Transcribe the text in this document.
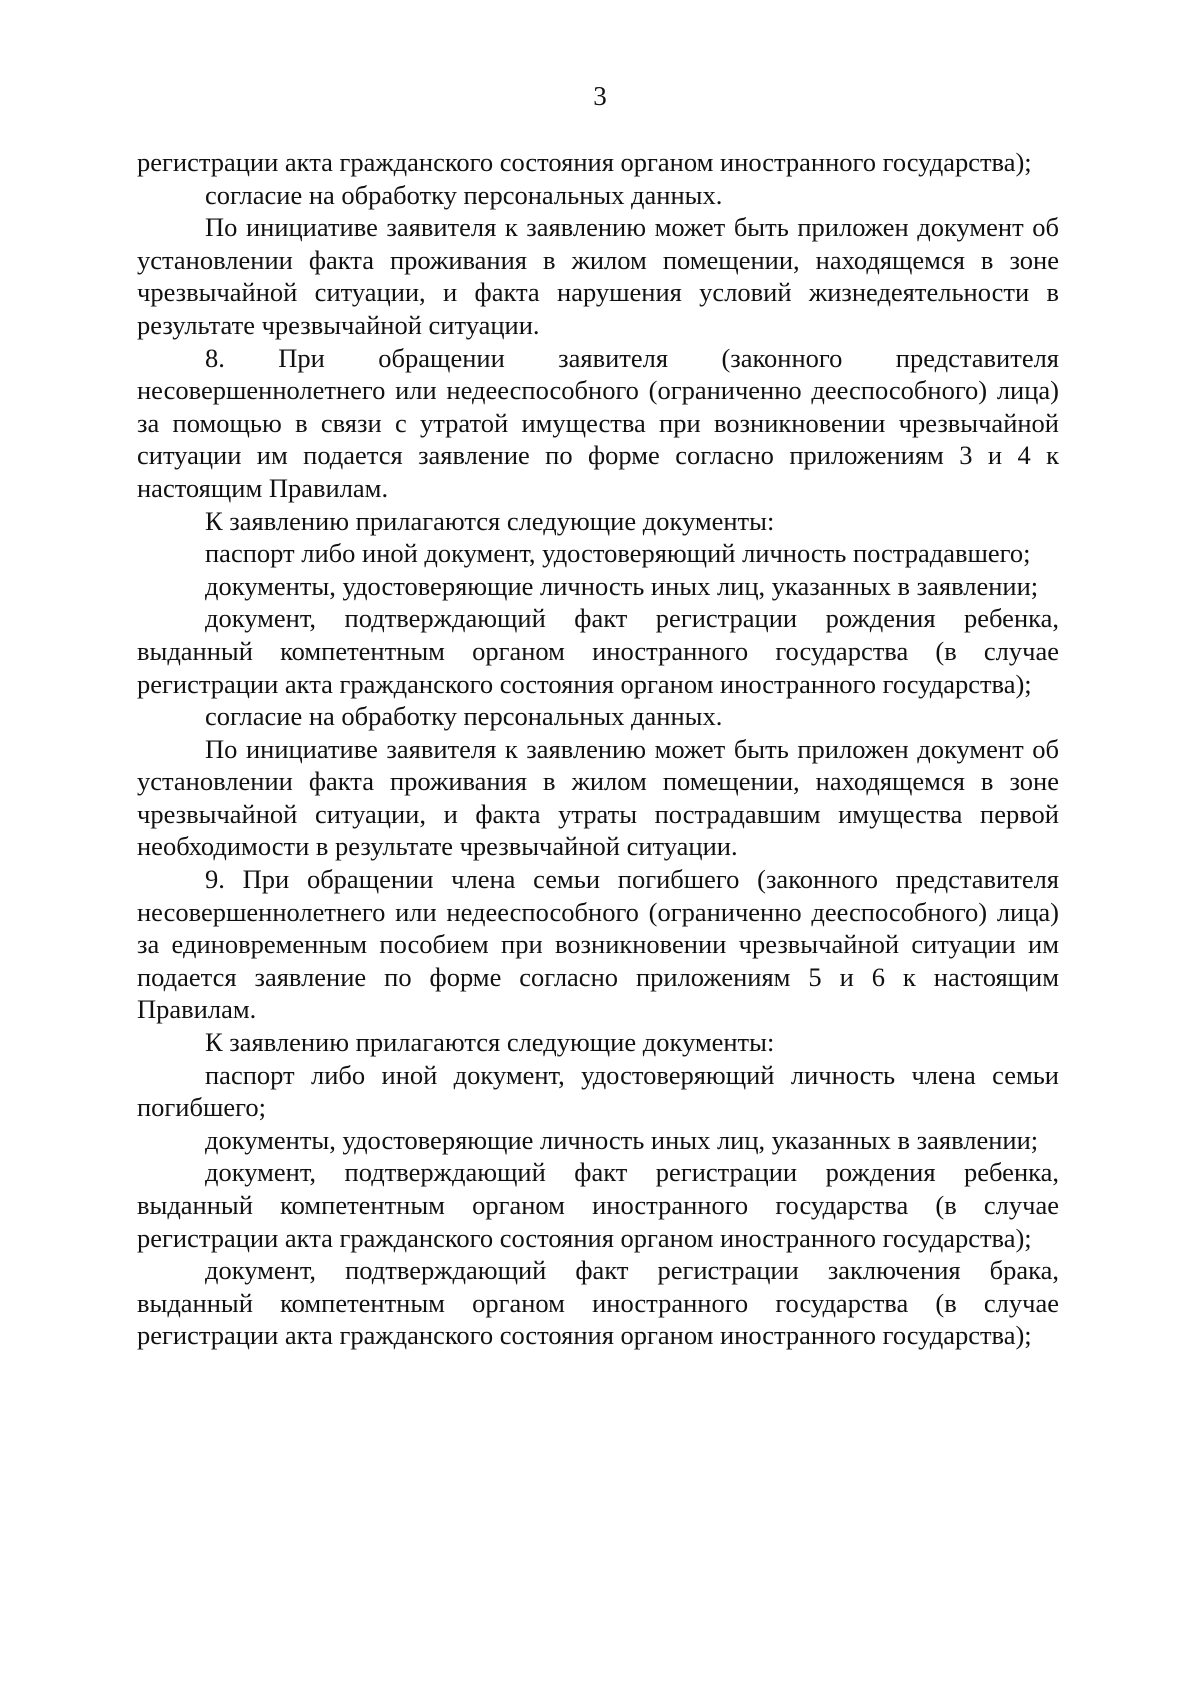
3

регистрации акта гражданского состояния органом иностранного государства);

согласие на обработку персональных данных.

По инициативе заявителя к заявлению может быть приложен документ об установлении факта проживания в жилом помещении, находящемся в зоне чрезвычайной ситуации, и факта нарушения условий жизнедеятельности в результате чрезвычайной ситуации.

8. При обращении заявителя (законного представителя несовершеннолетнего или недееспособного (ограниченно дееспособного) лица) за помощью в связи с утратой имущества при возникновении чрезвычайной ситуации им подается заявление по форме согласно приложениям 3 и 4 к настоящим Правилам.

К заявлению прилагаются следующие документы:

паспорт либо иной документ, удостоверяющий личность пострадавшего;

документы, удостоверяющие личность иных лиц, указанных в заявлении;

документ, подтверждающий факт регистрации рождения ребенка, выданный компетентным органом иностранного государства (в случае регистрации акта гражданского состояния органом иностранного государства);

согласие на обработку персональных данных.

По инициативе заявителя к заявлению может быть приложен документ об установлении факта проживания в жилом помещении, находящемся в зоне чрезвычайной ситуации, и факта утраты пострадавшим имущества первой необходимости в результате чрезвычайной ситуации.

9. При обращении члена семьи погибшего (законного представителя несовершеннолетнего или недееспособного (ограниченно дееспособного) лица) за единовременным пособием при возникновении чрезвычайной ситуации им подается заявление по форме согласно приложениям 5 и 6 к настоящим Правилам.

К заявлению прилагаются следующие документы:

паспорт либо иной документ, удостоверяющий личность члена семьи погибшего;

документы, удостоверяющие личность иных лиц, указанных в заявлении;

документ, подтверждающий факт регистрации рождения ребенка, выданный компетентным органом иностранного государства (в случае регистрации акта гражданского состояния органом иностранного государства);

документ, подтверждающий факт регистрации заключения брака, выданный компетентным органом иностранного государства (в случае регистрации акта гражданского состояния органом иностранного государства);
